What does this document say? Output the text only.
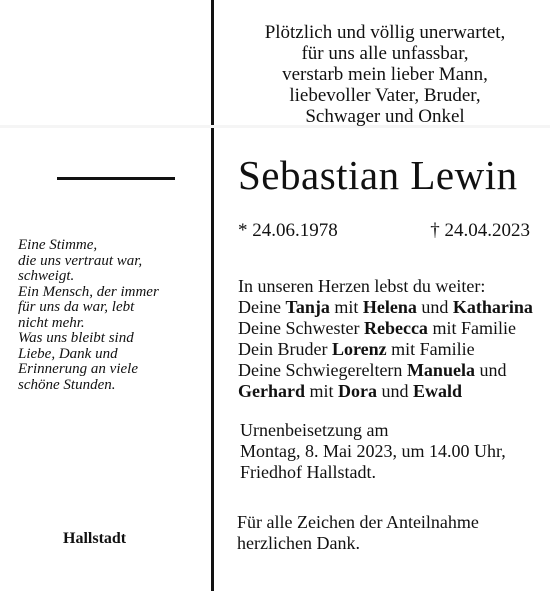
Plötzlich und völlig unerwartet,
für uns alle unfassbar,
verstarb mein lieber Mann,
liebevoller Vater, Bruder,
Schwager und Onkel
Sebastian Lewin
* 24.06.1978	† 24.04.2023
In unseren Herzen lebst du weiter:
Deine Tanja mit Helena und Katharina
Deine Schwester Rebecca mit Familie
Dein Bruder Lorenz mit Familie
Deine Schwiegereltern Manuela und
Gerhard mit Dora und Ewald
Eine Stimme,
die uns vertraut war,
schweigt.
Ein Mensch, der immer
für uns da war, lebt
nicht mehr.
Was uns bleibt sind
Liebe, Dank und
Erinnerung an viele
schöne Stunden.
Urnenbeisetzung am
Montag, 8. Mai 2023, um 14.00 Uhr,
Friedhof Hallstadt.
Für alle Zeichen der Anteilnahme
herzlichen Dank.
Hallstadt
